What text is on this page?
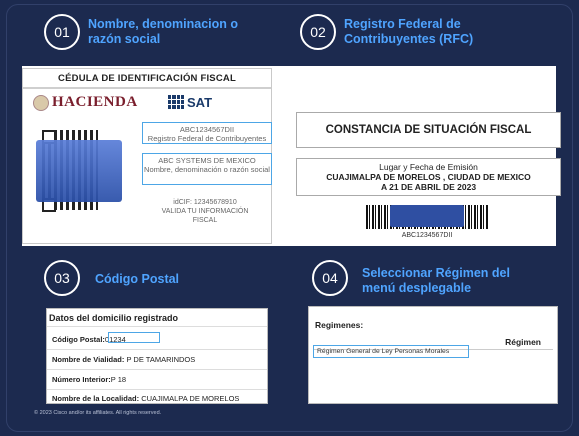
01	Nombre, denominacion o razón social	02	Registro Federal de Contribuyentes (RFC)
03	Código Postal	04	Seleccionar Régimen del menú desplegable
CÉDULA DE IDENTIFICACIÓN FISCAL
HACIENDA	SAT
ABC1234567DII
Registro Federal de Contribuyentes
ABC SYSTEMS DE MEXICO
Nombre, denominación o razón social
idCIF: 12345678910
VALIDA TU INFORMACIÓN FISCAL
CONSTANCIA DE SITUACIÓN FISCAL
Lugar y Fecha de Emisión
CUAJIMALPA DE MORELOS , CIUDAD DE MEXICO
A 21 DE ABRIL DE 2023
ABC1234567DII
Datos del domicilio registrado
Código Postal:01234
Nombre de Vialidad: P DE TAMARINDOS
Número Interior:P 18
Nombre de la Localidad: CUAJIMALPA DE MORELOS
Regimenes:
Régimen
Régimen General de Ley Personas Morales
© 2023 Cisco and/or its affiliates. All rights reserved.
